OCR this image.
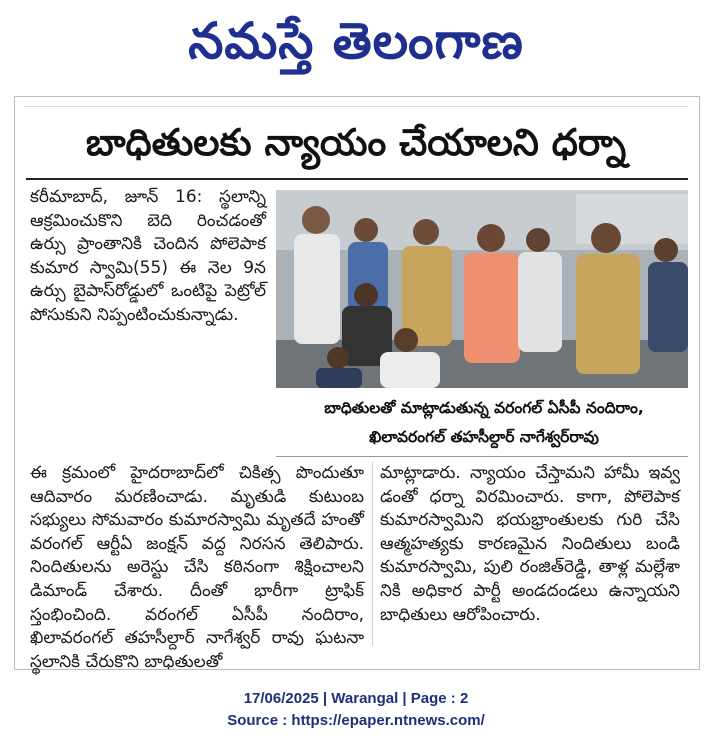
నమస్తే తెలంగాణ
బాధితులకు న్యాయం చేయాలని ధర్నా

కరీమాబాద్, జూన్ 16: స్థలాన్ని ఆక్రమించుకొని బెది రించడంతో ఉర్సు ప్రాంతానికి చెందిన పోలెపాక కుమార స్వామి(55) ఈ నెల 9న ఉర్సు బైపాస్‌రోడ్డులో ఒంటిపై పెట్రోల్ పోసుకుని నిప్పంటించుకున్నాడు.

బాధితులతో మాట్లాడుతున్న వరంగల్ ఏసీపీ నందిరాం,
ఖిలావరంగల్ తహసీల్దార్ నాగేశ్వర్‌రావు

ఈ క్రమంలో హైదరాబాద్‌లో చికిత్స పొందుతూ ఆదివారం మరణించాడు. మృతుడి కుటుంబ సభ్యులు సోమవారం కుమారస్వామి మృతదే హంతో వరంగల్ ఆర్టీఏ జంక్షన్ వద్ద నిరసన తెలిపారు. నిందితులను అరెస్టు చేసి కఠినంగా శిక్షించాలని డిమాండ్ చేశారు. దీంతో భారీగా ట్రాఫిక్ స్తంభించింది. వరంగల్ ఏసీపీ నందిరాం, ఖిలావరంగల్ తహసీల్దార్ నాగేశ్వర్ రావు ఘటనా స్థలానికి చేరుకొని బాధితులతో

మాట్లాడారు. న్యాయం చేస్తామని హామీ ఇవ్వ డంతో ధర్నా విరమించారు. కాగా, పోలెపాక కుమారస్వామిని భయభ్రాంతులకు గురి చేసి ఆత్మహత్యకు కారణమైన నిందితులు బండి కుమారస్వామి, పులి రంజిత్‌రెడ్డి, తాళ్ల మల్లేశా నికి అధికార పార్టీ అండదండలు ఉన్నాయని బాధితులు ఆరోపించారు.

17/06/2025 | Warangal | Page : 2
Source : https://epaper.ntnews.com/
